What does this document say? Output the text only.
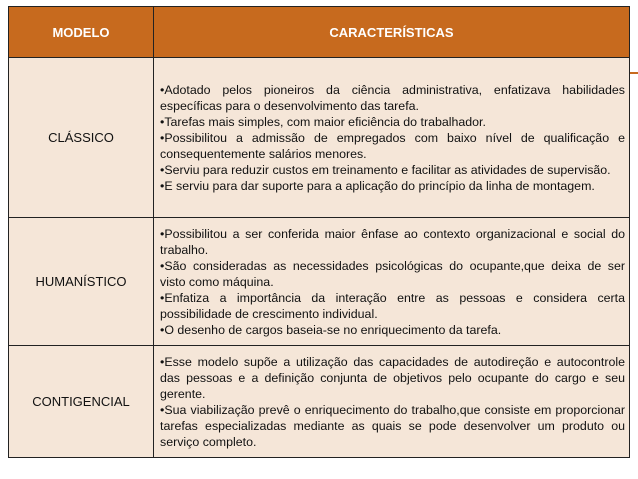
MODELO	CARACTERÍSTICAS
CLÁSSICO	•Adotado pelos pioneiros da ciência administrativa, enfatizava habilidades específicas para o desenvolvimento das tarefa.

•Tarefas mais simples, com maior eficiência do trabalhador.

•Possibilitou a admissão de empregados com baixo nível de qualificação e consequentemente salários menores.

•Serviu para reduzir custos em treinamento e facilitar as atividades de supervisão.

•E serviu para dar suporte para a aplicação do princípio da linha de montagem.

HUMANÍSTICO	•Possibilitou a ser conferida maior ênfase ao contexto organizacional e social do trabalho.

•São consideradas as necessidades psicológicas do ocupante,que deixa de ser visto como máquina.

•Enfatiza a importância da interação entre as pessoas e considera certa possibilidade de crescimento individual.

•O desenho de cargos baseia-se no enriquecimento da tarefa.

CONTIGENCIAL	•Esse modelo supõe a utilização das capacidades de autodireção e autocontrole das pessoas e a definição conjunta de objetivos pelo ocupante do cargo e seu gerente.

•Sua viabilização prevê o enriquecimento do trabalho,que consiste em proporcionar tarefas especializadas mediante as quais se pode desenvolver um produto ou serviço completo.
